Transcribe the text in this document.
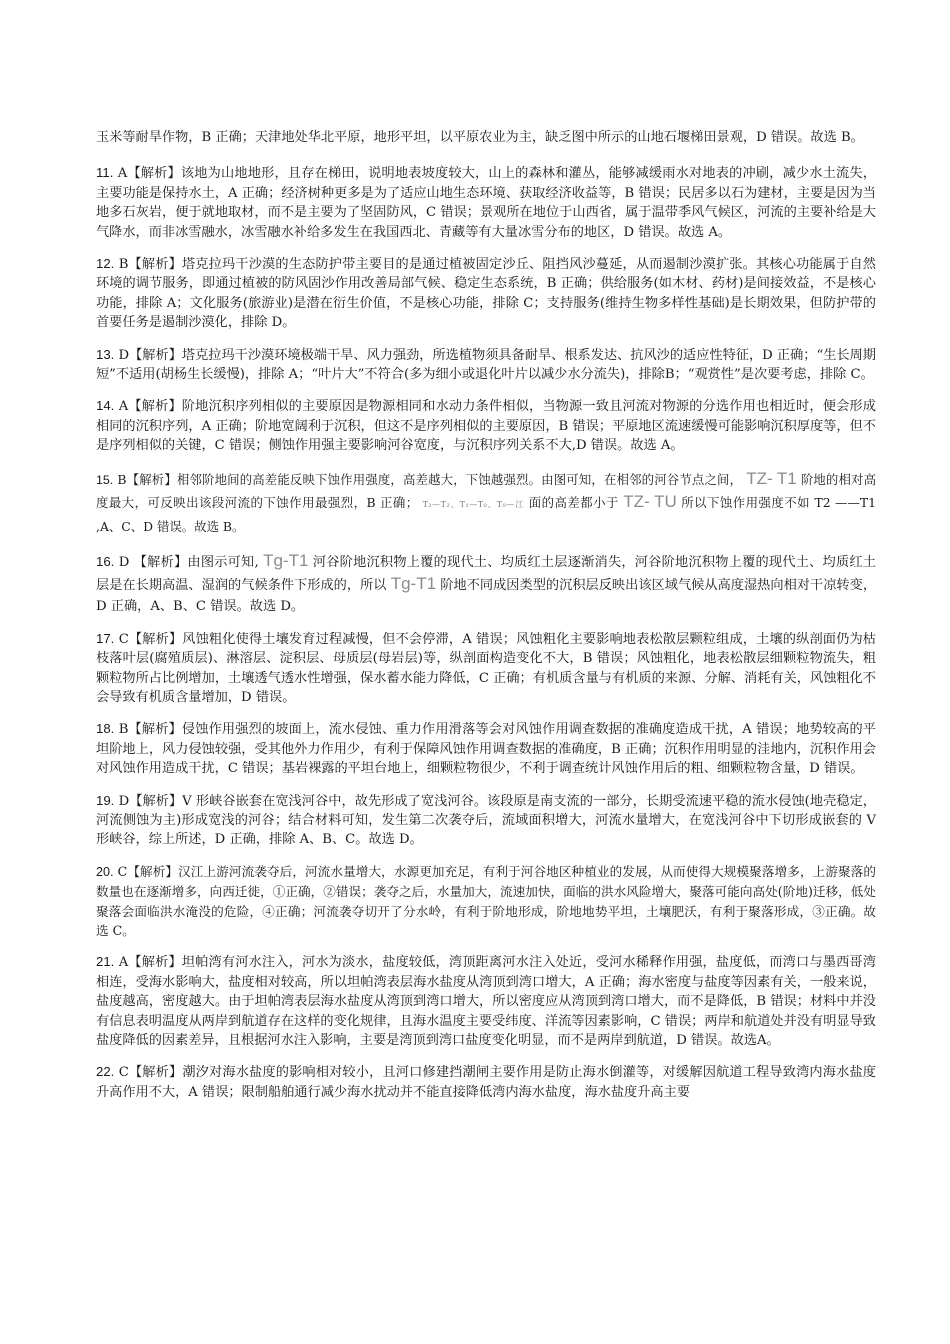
玉米等耐旱作物，B 正确；天津地处华北平原，地形平坦，以平原农业为主，缺乏图中所示的山地石堰梯田景观，D 错误。故选 B。

11. A【解析】该地为山地地形，且存在梯田，说明地表坡度较大，山上的森林和灌丛，能够减缓雨水对地表的冲刷，减少水土流失，主要功能是保持水土，A 正确；经济树种更多是为了适应山地生态环境、获取经济收益等，B 错误；民居多以石为建材，主要是因为当地多石灰岩，便于就地取材，而不是主要为了坚固防风，C 错误；景观所在地位于山西省，属于温带季风气候区，河流的主要补给是大气降水，而非冰雪融水，冰雪融水补给多发生在我国西北、青藏等有大量冰雪分布的地区，D 错误。故选 A。

12. B【解析】塔克拉玛干沙漠的生态防护带主要目的是通过植被固定沙丘、阻挡风沙蔓延，从而遏制沙漠扩张。其核心功能属于自然环境的调节服务，即通过植被的防风固沙作用改善局部气候、稳定生态系统，B 正确；供给服务(如木材、药材)是间接效益，不是核心功能，排除 A；文化服务(旅游业)是潜在衍生价值，不是核心功能，排除 C；支持服务(维持生物多样性基础)是长期效果，但防护带的首要任务是遏制沙漠化，排除 D。

13. D【解析】塔克拉玛干沙漠环境极端干旱、风力强劲，所选植物须具备耐旱、根系发达、抗风沙的适应性特征，D 正确；“生长周期短”不适用(胡杨生长缓慢)，排除 A；“叶片大”不符合(多为细小或退化叶片以减少水分流失)，排除B；“观赏性”是次要考虑，排除 C。

14. A【解析】阶地沉积序列相似的主要原因是物源相同和水动力条件相似，当物源一致且河流对物源的分选作用也相近时，便会形成相同的沉积序列，A 正确；阶地宽阔利于沉积，但这不是序列相似的主要原因，B 错误；平原地区流速缓慢可能影响沉积厚度等，但不是序列相似的关键，C 错误；侧蚀作用强主要影响河谷宽度，与沉积序列关系不大,D 错误。故选 A。

15. B【解析】相邻阶地间的高差能反映下蚀作用强度，高差越大，下蚀越强烈。由图可知，在相邻的河谷节点之间， TZ- T1 阶地的相对高度最大，可反映出该段河流的下蚀作用最强烈，B 正确； T₂—T₂、T₁—T₀、T₀—江 面的高差都小于 TZ- TU 所以下蚀作用强度不如 T2 ——T1 ,A、C、D 错误。故选 B。

16. D 【解析】由图示可知, Tg-T1 河谷阶地沉积物上覆的现代土、均质红土层逐渐消失，河谷阶地沉积物上覆的现代土、均质红土层是在长期高温、湿润的气候条件下形成的，所以 Tg-T1 阶地不同成因类型的沉积层反映出该区域气候从高度湿热向相对干凉转变，D 正确，A、B、C 错误。故选 D。

17. C【解析】风蚀粗化使得土壤发育过程减慢，但不会停滞，A 错误；风蚀粗化主要影响地表松散层颗粒组成，土壤的纵剖面仍为枯枝落叶层(腐殖质层)、淋溶层、淀积层、母质层(母岩层)等，纵剖面构造变化不大，B 错误；风蚀粗化，地表松散层细颗粒物流失，粗颗粒物所占比例增加，土壤透气透水性增强，保水蓄水能力降低，C 正确；有机质含量与有机质的来源、分解、消耗有关，风蚀粗化不会导致有机质含量增加，D 错误。

18. B【解析】侵蚀作用强烈的坡面上，流水侵蚀、重力作用滑落等会对风蚀作用调查数据的准确度造成干扰，A 错误；地势较高的平坦阶地上，风力侵蚀较强，受其他外力作用少，有利于保障风蚀作用调查数据的准确度，B 正确；沉积作用明显的洼地内，沉积作用会对风蚀作用造成干扰，C 错误；基岩裸露的平坦台地上，细颗粒物很少，不利于调查统计风蚀作用后的粗、细颗粒物含量，D 错误。

19. D【解析】V 形峡谷嵌套在宽浅河谷中，故先形成了宽浅河谷。该段原是南支流的一部分，长期受流速平稳的流水侵蚀(地壳稳定，河流侧蚀为主)形成宽浅的河谷；结合材料可知，发生第二次袭夺后，流域面积增大，河流水量增大，在宽浅河谷中下切形成嵌套的 V 形峡谷，综上所述，D 正确，排除 A、B、C。故选 D。

20. C【解析】汉江上游河流袭夺后，河流水量增大，水源更加充足，有利于河谷地区种植业的发展，从而使得大规模聚落增多，上游聚落的数量也在逐渐增多，向西迁徙，①正确，②错误；袭夺之后，水量加大，流速加快，面临的洪水风险增大，聚落可能向高处(阶地)迁移，低处聚落会面临洪水淹没的危险，④正确；河流袭夺切开了分水岭，有利于阶地形成，阶地地势平坦，土壤肥沃，有利于聚落形成，③正确。故选 C。

21. A【解析】坦帕湾有河水注入，河水为淡水，盐度较低，湾顶距离河水注入处近，受河水稀释作用强，盐度低，而湾口与墨西哥湾相连，受海水影响大，盐度相对较高，所以坦帕湾表层海水盐度从湾顶到湾口增大，A 正确；海水密度与盐度等因素有关，一般来说，盐度越高，密度越大。由于坦帕湾表层海水盐度从湾顶到湾口增大，所以密度应从湾顶到湾口增大，而不是降低，B 错误；材料中并没有信息表明温度从两岸到航道存在这样的变化规律，且海水温度主要受纬度、洋流等因素影响，C 错误；两岸和航道处并没有明显导致盐度降低的因素差异，且根据河水注入影响，主要是湾顶到湾口盐度变化明显，而不是两岸到航道，D 错误。故选A。

22. C【解析】潮汐对海水盐度的影响相对较小，且河口修建挡潮闸主要作用是防止海水倒灌等，对缓解因航道工程导致湾内海水盐度升高作用不大，A 错误；限制船舶通行减少海水扰动并不能直接降低湾内海水盐度，海水盐度升高主要
